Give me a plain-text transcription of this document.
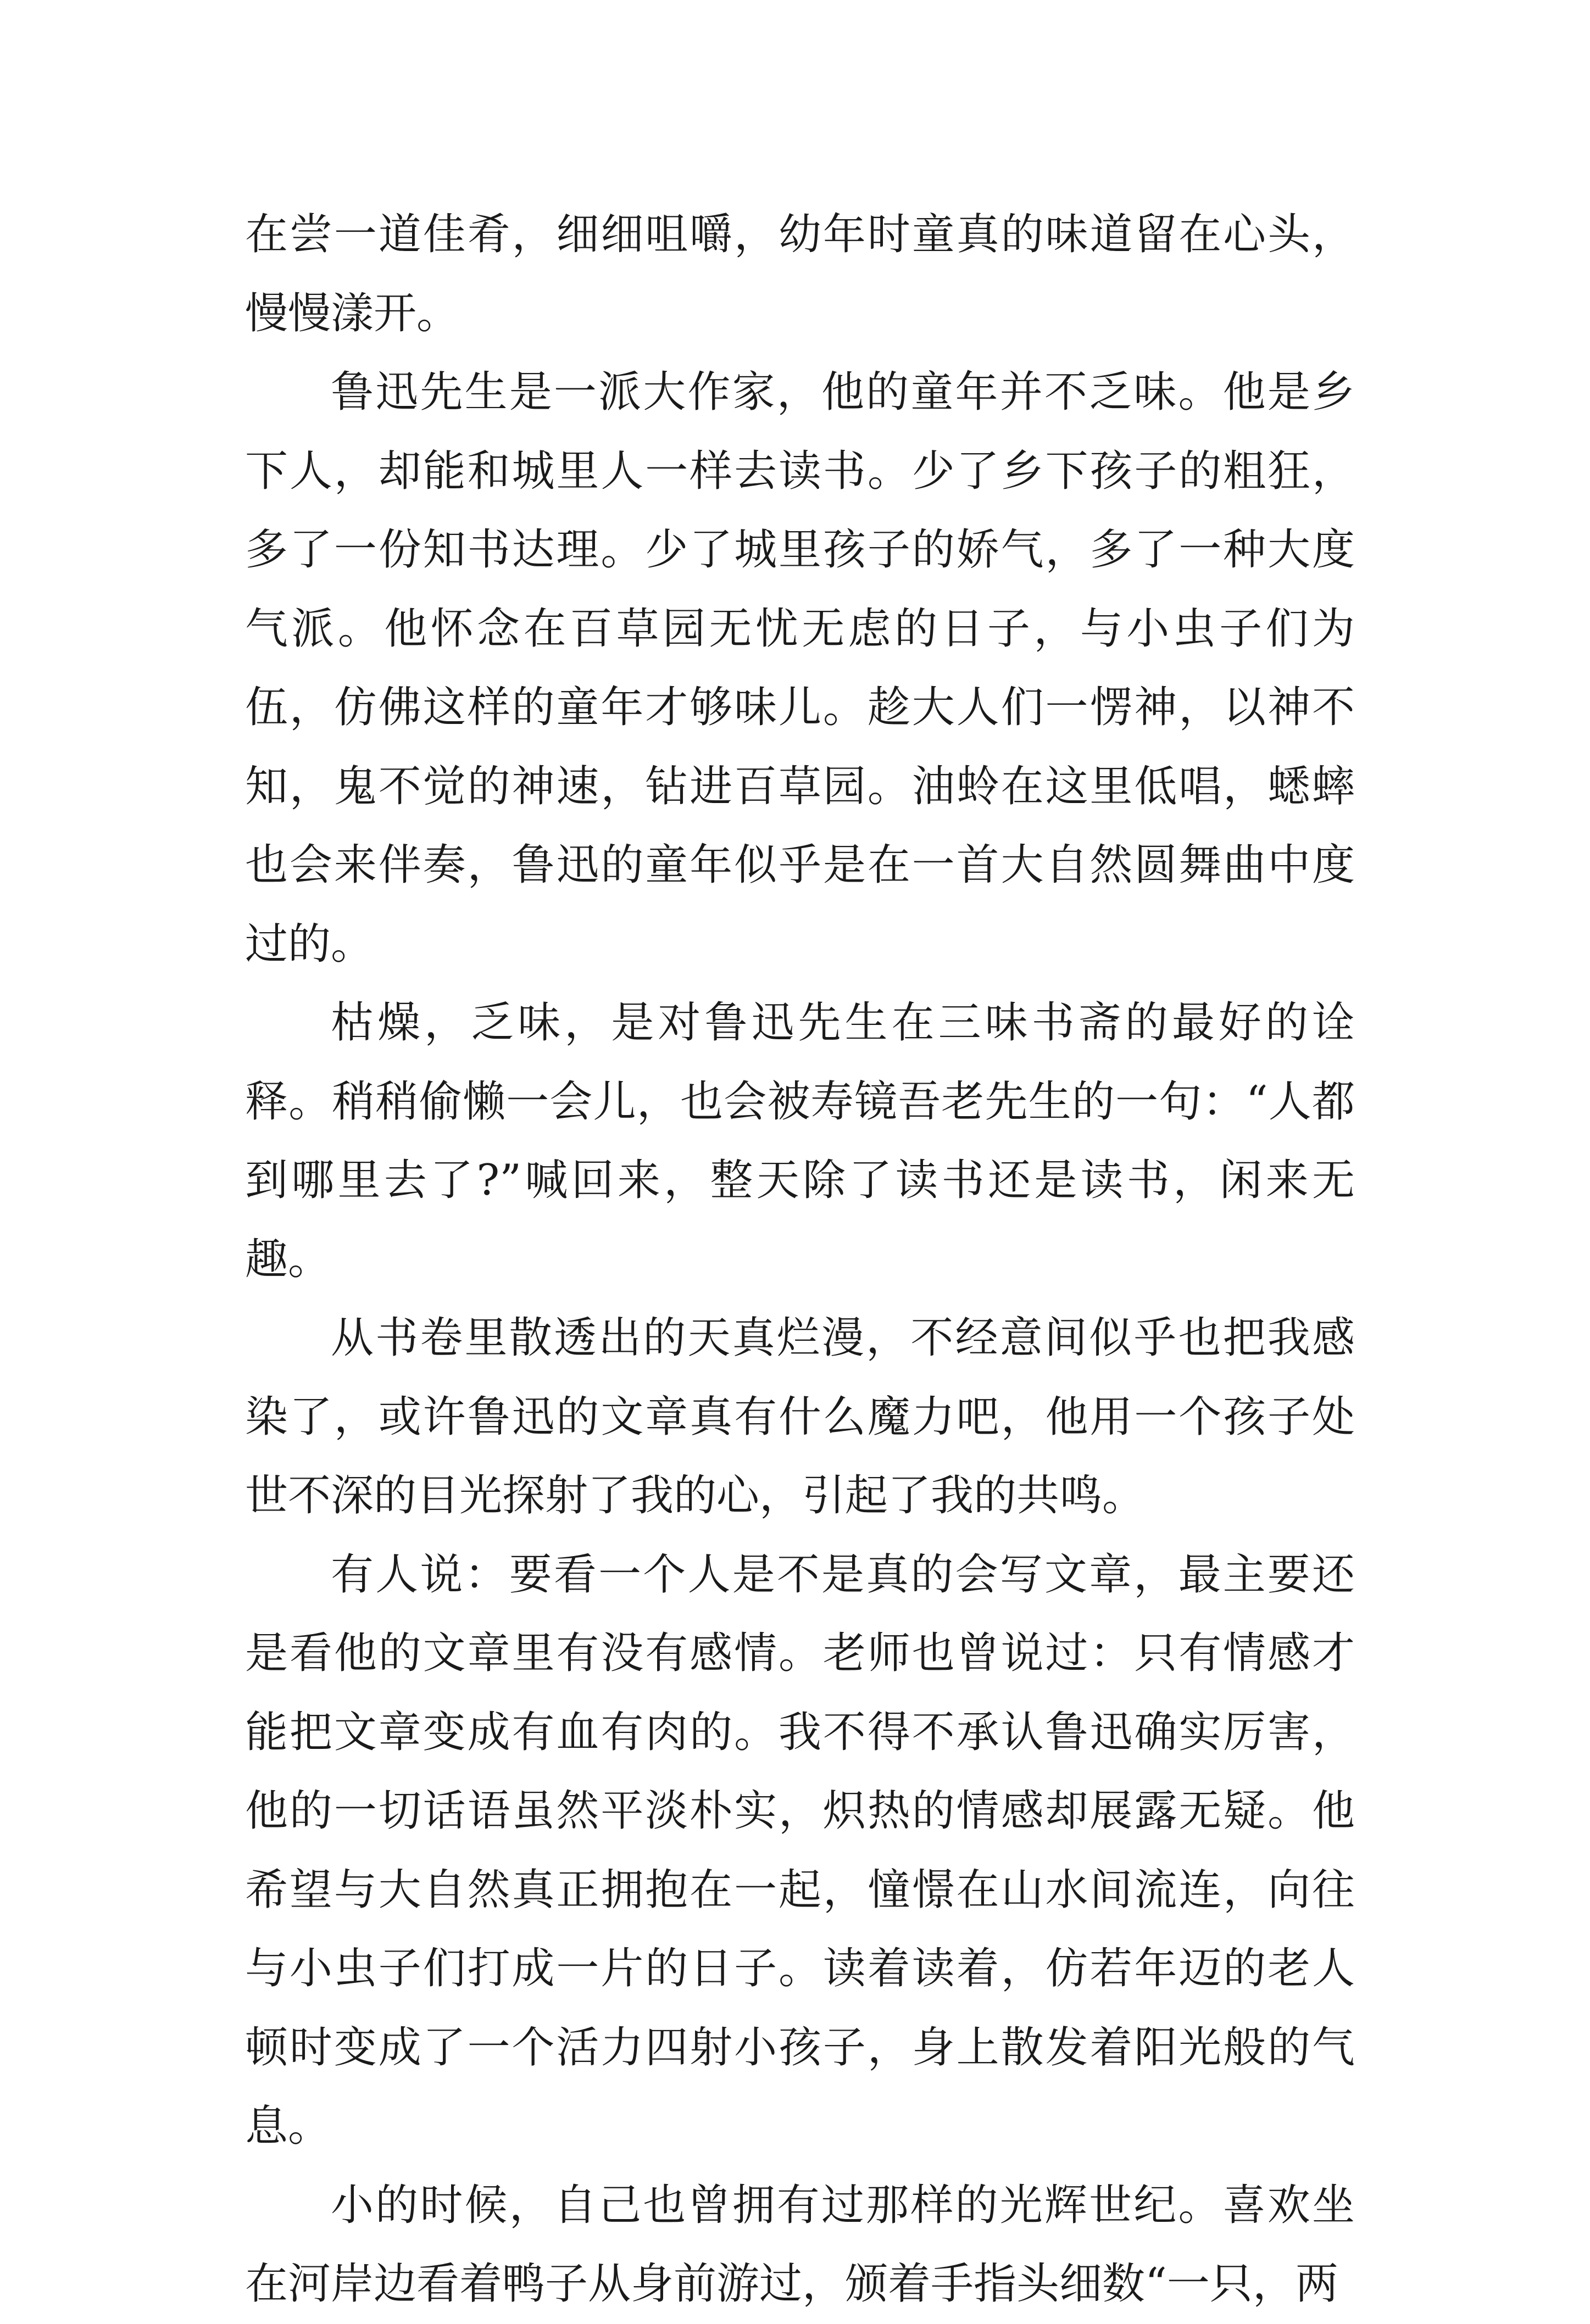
在尝一道佳肴，细细咀嚼，幼年时童真的味道留在心头，慢慢漾开。

鲁迅先生是一派大作家，他的童年并不乏味。他是乡下人，却能和城里人一样去读书。少了乡下孩子的粗狂，多了一份知书达理。少了城里孩子的娇气，多了一种大度气派。他怀念在百草园无忧无虑的日子，与小虫子们为伍，仿佛这样的童年才够味儿。趁大人们一愣神，以神不知，鬼不觉的神速，钻进百草园。油蛉在这里低唱，蟋蟀也会来伴奏，鲁迅的童年似乎是在一首大自然圆舞曲中度过的。

枯燥，乏味，是对鲁迅先生在三味书斋的最好的诠释。稍稍偷懒一会儿，也会被寿镜吾老先生的一句：“人都到哪里去了?”喊回来，整天除了读书还是读书，闲来无趣。

从书卷里散透出的天真烂漫，不经意间似乎也把我感染了，或许鲁迅的文章真有什么魔力吧，他用一个孩子处世不深的目光探射了我的心，引起了我的共鸣。

有人说：要看一个人是不是真的会写文章，最主要还是看他的文章里有没有感情。老师也曾说过：只有情感才能把文章变成有血有肉的。我不得不承认鲁迅确实厉害，他的一切话语虽然平淡朴实，炽热的情感却展露无疑。他希望与大自然真正拥抱在一起，憧憬在山水间流连，向往与小虫子们打成一片的日子。读着读着，仿若年迈的老人顿时变成了一个活力四射小孩子，身上散发着阳光般的气息。

小的时候，自己也曾拥有过那样的光辉世纪。喜欢坐在河岸边看着鸭子从身前游过，颁着手指头细数“一只，两
